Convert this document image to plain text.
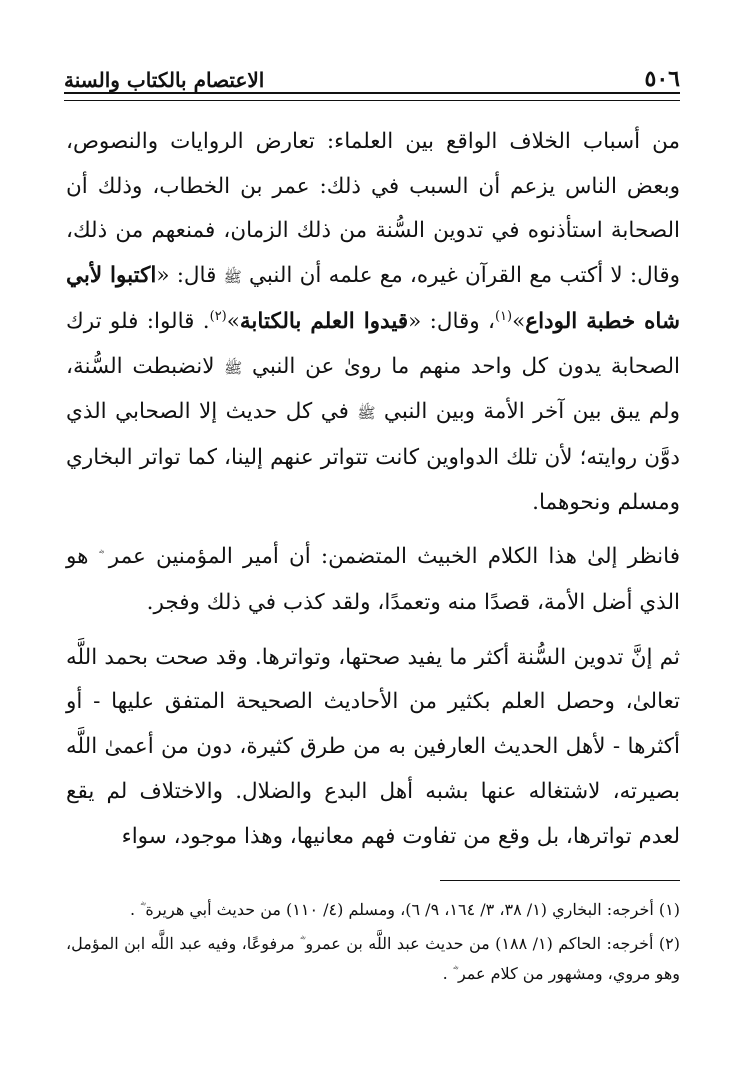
٥٠٦
الاعتصام بالكتاب والسنة

من أسباب الخلاف الواقع بين العلماء: تعارض الروايات والنصوص، وبعض الناس يزعم أن السبب في ذلك: عمر بن الخطاب، وذلك أن الصحابة استأذنوه في تدوين السُّنة من ذلك الزمان، فمنعهم من ذلك، وقال: لا أكتب مع القرآن غيره، مع علمه أن النبي ﷺ قال: «اكتبوا لأبي شاه خطبة الوداع»$^{(١)}$، وقال: «قيدوا العلم بالكتابة»$^{(٢)}$. قالوا: فلو ترك الصحابة يدون كل واحد منهم ما روىٰ عن النبي ﷺ لانضبطت السُّنة، ولم يبق بين آخر الأمة وبين النبي ﷺ في كل حديث إلا الصحابي الذي دوَّن روايته؛ لأن تلك الدواوين كانت تتواتر عنهم إلينا، كما تواتر البخاري ومسلم ونحوهما.

فانظر إلىٰ هذا الكلام الخبيث المتضمن: أن أمير المؤمنين عمر هو الذي أضل الأمة، قصدًا منه وتعمدًا، ولقد كذب في ذلك وفجر.

ثم إنَّ تدوين السُّنة أكثر ما يفيد صحتها، وتواترها. وقد صحت بحمد اللَّه تعالىٰ، وحصل العلم بكثير من الأحاديث الصحيحة المتفق عليها - أو أكثرها - لأهل الحديث العارفين به من طرق كثيرة، دون من أعمىٰ اللَّه بصيرته، لاشتغاله عنها بشبه أهل البدع والضلال. والاختلاف لم يقع لعدم تواترها، بل وقع من تفاوت فهم معانيها، وهذا موجود، سواء

(١) أخرجه: البخاري (١/ ٣٨، ٣/ ١٦٤، ٩/ ٦)، ومسلم (٤/ ١١٠) من حديث أبي هريرة .

(٢) أخرجه: الحاكم (١/ ١٨٨) من حديث عبد اللَّه بن عمرو مرفوعًا، وفيه عبد اللَّه ابن المؤمل، وهو مروي، ومشهور من كلام عمر .
